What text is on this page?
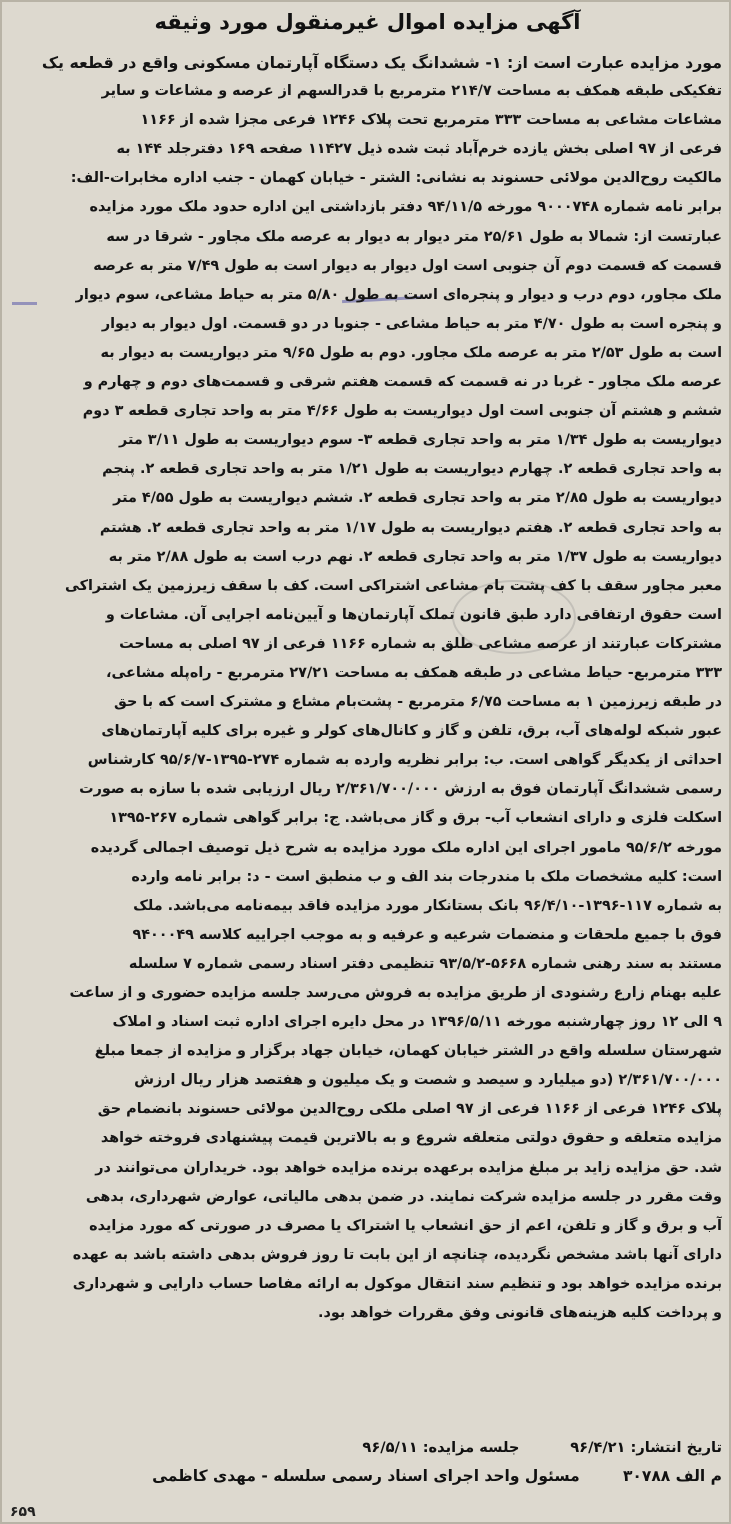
آگهی مزایده اموال غیرمنقول مورد وثیقه
مورد مزایده عبارت است از: ۱- ششدانگ یک دستگاه آپارتمان مسکونی واقع در قطعه یک
تفکیکی طبقه همکف به مساحت ۲۱۴/۷ مترمربع با قدرالسهم از عرصه و مشاعات و سایر
مشاعات مشاعی به مساحت ۳۳۳ مترمربع تحت پلاک ۱۲۴۶ فرعی مجزا شده از ۱۱۶۶
فرعی از ۹۷ اصلی بخش یازده خرم‌آباد ثبت شده ذیل ۱۱۴۲۷ صفحه ۱۶۹ دفترجلد ۱۴۴ به
مالکیت روح‌الدین مولائی حسنوند به نشانی: الشتر - خیابان کهمان - جنب اداره مخابرات-الف:
برابر نامه شماره ۹۰۰۰۷۴۸ مورخه ۹۴/۱۱/۵ دفتر بازداشتی این اداره حدود ملک مورد مزایده
عبارتست از: شمالا به طول ۲۵/۶۱ متر دیوار به دیوار به عرصه ملک مجاور - شرقا در سه
قسمت که قسمت دوم آن جنوبی است اول دیوار به دیوار است به طول ۷/۴۹ متر به عرصه
ملک مجاور، دوم درب و دیوار و پنجره‌ای است به طول ۵/۸۰ متر به حیاط مشاعی، سوم دیوار
و پنجره است به طول ۴/۷۰ متر به حیاط مشاعی - جنوبا در دو قسمت. اول دیوار به دیوار
است به طول ۲/۵۳ متر به عرصه ملک مجاور. دوم به طول ۹/۶۵ متر دیواریست به دیوار به
عرصه ملک مجاور - غربا در نه قسمت که قسمت هفتم شرقی و قسمت‌های دوم و چهارم و
ششم و هشتم آن جنوبی است اول دیواریست به طول ۴/۶۶ متر به واحد تجاری قطعه ۳ دوم
دیواریست به طول ۱/۳۴ متر به واحد تجاری قطعه ۳- سوم دیواریست به طول ۳/۱۱ متر
به واحد تجاری قطعه ۲. چهارم دیواریست به طول ۱/۲۱ متر به واحد تجاری قطعه ۲. پنجم
دیواریست به طول ۲/۸۵ متر به واحد تجاری قطعه ۲. ششم دیواریست به طول ۴/۵۵ متر
به واحد تجاری قطعه ۲. هفتم دیواریست به طول ۱/۱۷ متر به واحد تجاری قطعه ۲. هشتم
دیواریست به طول ۱/۳۷ متر به واحد تجاری قطعه ۲. نهم درب است به طول ۲/۸۸ متر به
معبر مجاور سقف با کف پشت بام مشاعی اشتراکی است. کف با سقف زیرزمین یک اشتراکی
است حقوق ارتفاقی دارد طبق قانون تملک آپارتمان‌ها و آیین‌نامه اجرایی آن. مشاعات و
مشترکات عبارتند از عرصه مشاعی طلق به شماره ۱۱۶۶ فرعی از ۹۷ اصلی به مساحت
۳۳۳ مترمربع- حیاط مشاعی در طبقه همکف به مساحت ۲۷/۲۱ مترمربع - راه‌پله مشاعی،
در طبقه زیرزمین ۱ به مساحت ۶/۷۵ مترمربع - پشت‌بام مشاع و مشترک است که با حق
عبور شبکه لوله‌های آب، برق، تلفن و گاز و کانال‌های کولر و غیره برای کلیه آپارتمان‌های
احداثی از یکدیگر گواهی است. ب: برابر نظریه وارده به شماره ۲۷۴-۱۳۹۵-۹۵/۶/۷ کارشناس
رسمی ششدانگ آپارتمان فوق به ارزش ۲/۳۶۱/۷۰۰/۰۰۰ ریال ارزیابی شده با سازه به صورت
اسکلت فلزی و دارای انشعاب آب- برق و گاز می‌باشد. ج: برابر گواهی شماره ۲۶۷-۱۳۹۵
مورخه ۹۵/۶/۲ مامور اجرای این اداره ملک مورد مزایده به شرح ذیل توصیف اجمالی گردیده
است: کلیه مشخصات ملک با مندرجات بند الف و ب منطبق است - د: برابر نامه وارده
به شماره ۱۱۷-۱۳۹۶-۹۶/۴/۱۰ بانک بستانکار مورد مزایده فاقد بیمه‌نامه می‌باشد. ملک
فوق با جمیع ملحقات و منضمات شرعیه و عرفیه و به موجب اجراییه کلاسه ۹۴۰۰۰۴۹
مستند به سند رهنی شماره ۵۶۶۸-۹۳/۵/۲ تنظیمی دفتر اسناد رسمی شماره ۷ سلسله
علیه بهنام زارع رشنودی از طریق مزایده به فروش می‌رسد جلسه مزایده حضوری و از ساعت
۹ الی ۱۲ روز چهارشنبه مورخه ۱۳۹۶/۵/۱۱ در محل دایره اجرای اداره ثبت اسناد و املاک
شهرستان سلسله واقع در الشتر خیابان کهمان، خیابان جهاد برگزار و مزایده از جمعا مبلغ
۲/۳۶۱/۷۰۰/۰۰۰ (دو میلیارد و سیصد و شصت و یک میلیون و هفتصد هزار ریال ارزش
پلاک ۱۲۴۶ فرعی از ۱۱۶۶ فرعی از ۹۷ اصلی ملکی روح‌الدین مولائی حسنوند بانضمام حق
مزایده متعلقه و حقوق دولتی متعلقه شروع و به بالاترین قیمت پیشنهادی فروخته خواهد
شد. حق مزایده زاید بر مبلغ مزایده برعهده برنده مزایده خواهد بود. خریداران می‌توانند در
وقت مقرر در جلسه مزایده شرکت نمایند. در ضمن بدهی مالیاتی، عوارض شهرداری، بدهی
آب و برق و گاز و تلفن، اعم از حق انشعاب یا اشتراک یا مصرف در صورتی که مورد مزایده
دارای آنها باشد مشخص نگردیده، چنانچه از این بابت تا روز فروش بدهی داشته باشد به عهده
برنده مزایده خواهد بود و تنظیم سند انتقال موکول به ارائه مفاصا حساب دارایی و شهرداری
و پرداخت کلیه هزینه‌های قانونی وفق مقررات خواهد بود.
تاریخ انتشار: ۹۶/۴/۲۱          جلسه مزایده: ۹۶/۵/۱۱
م الف ۳۰۷۸۸        مسئول واحد اجرای اسناد رسمی سلسله - مهدی کاظمی
۶۵۹
